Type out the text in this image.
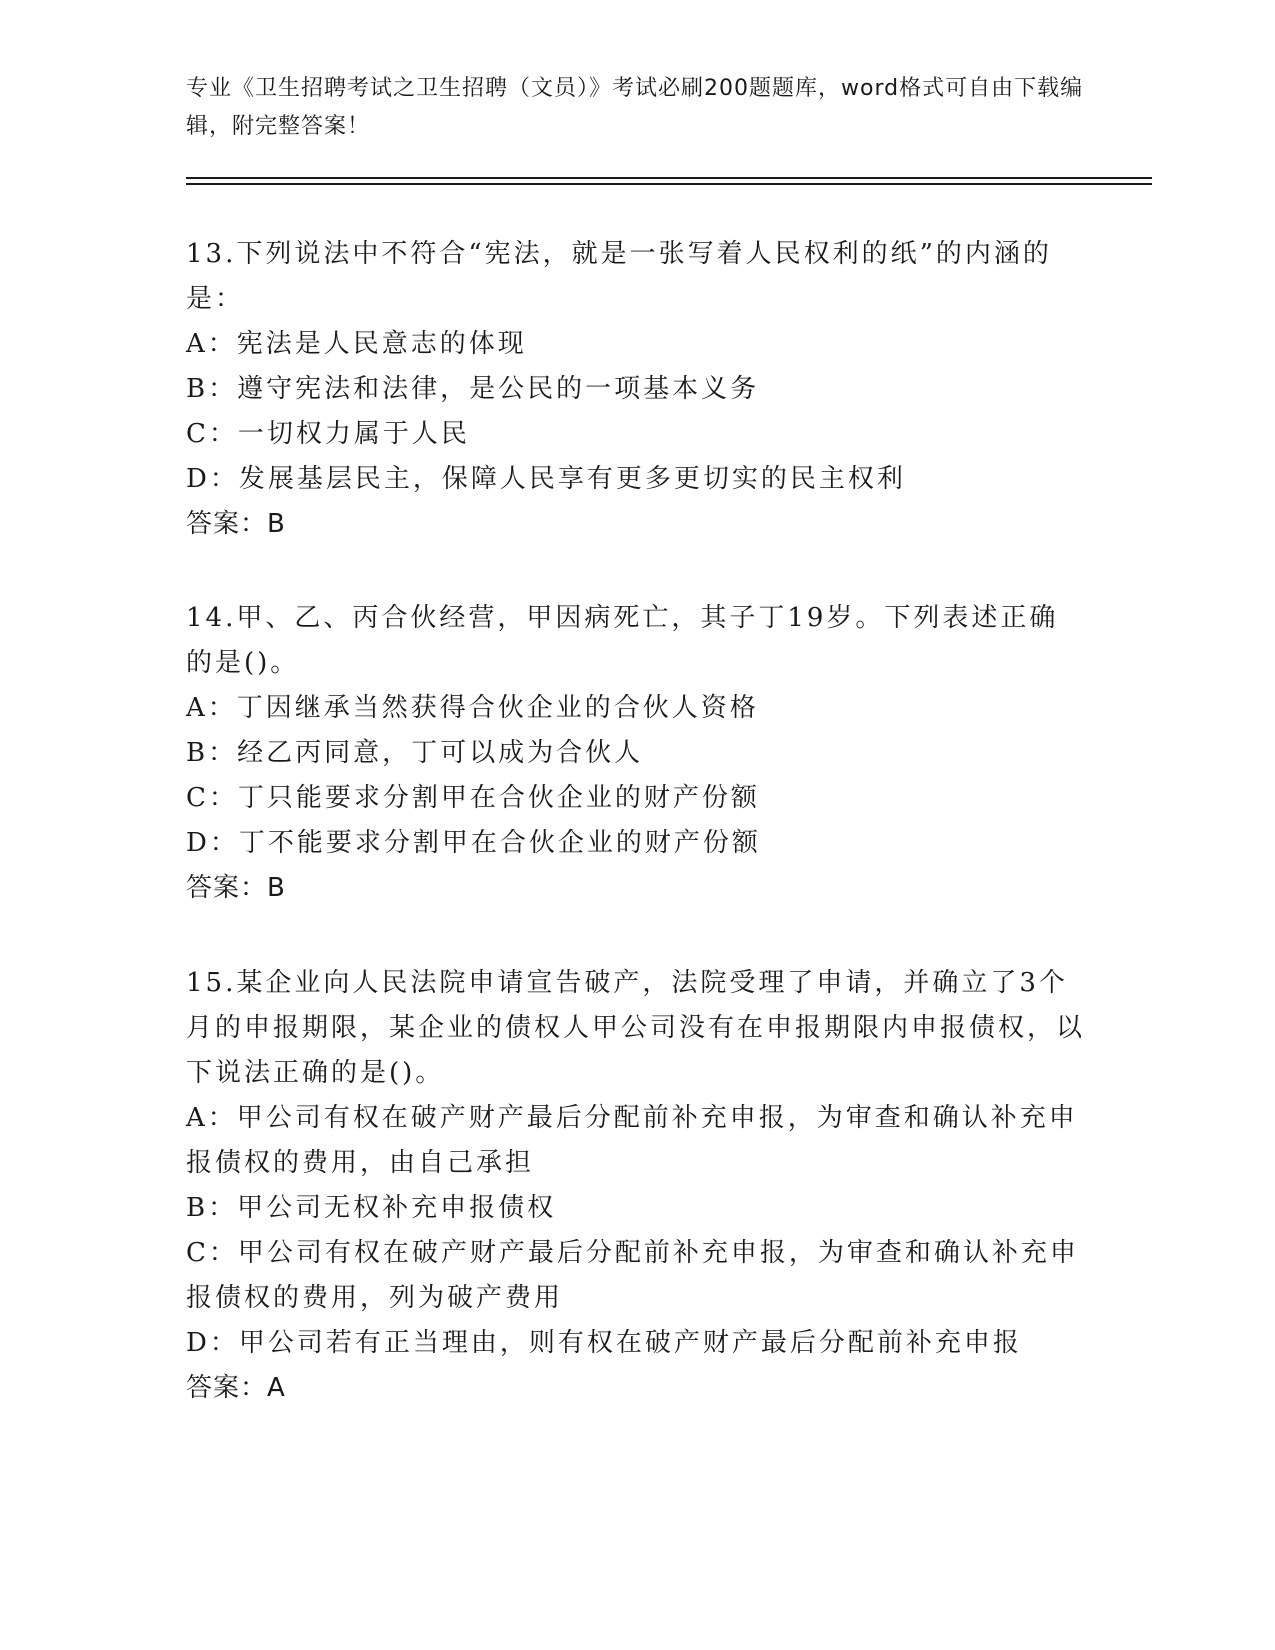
专业《卫生招聘考试之卫生招聘（文员）》考试必刷200题题库，word格式可自由下载编辑，附完整答案！

13.下列说法中不符合“宪法，就是一张写着人民权利的纸”的内涵的是：

A：宪法是人民意志的体现

B：遵守宪法和法律，是公民的一项基本义务

C：一切权力属于人民

D：发展基层民主，保障人民享有更多更切实的民主权利

答案：B

14.甲、乙、丙合伙经营，甲因病死亡，其子丁19岁。下列表述正确的是()。

A：丁因继承当然获得合伙企业的合伙人资格

B：经乙丙同意，丁可以成为合伙人

C：丁只能要求分割甲在合伙企业的财产份额

D：丁不能要求分割甲在合伙企业的财产份额

答案：B

15.某企业向人民法院申请宣告破产，法院受理了申请，并确立了3个月的申报期限，某企业的债权人甲公司没有在申报期限内申报债权，以下说法正确的是()。

A：甲公司有权在破产财产最后分配前补充申报，为审查和确认补充申报债权的费用，由自己承担

B：甲公司无权补充申报债权

C：甲公司有权在破产财产最后分配前补充申报，为审查和确认补充申报债权的费用，列为破产费用

D：甲公司若有正当理由，则有权在破产财产最后分配前补充申报

答案：A
